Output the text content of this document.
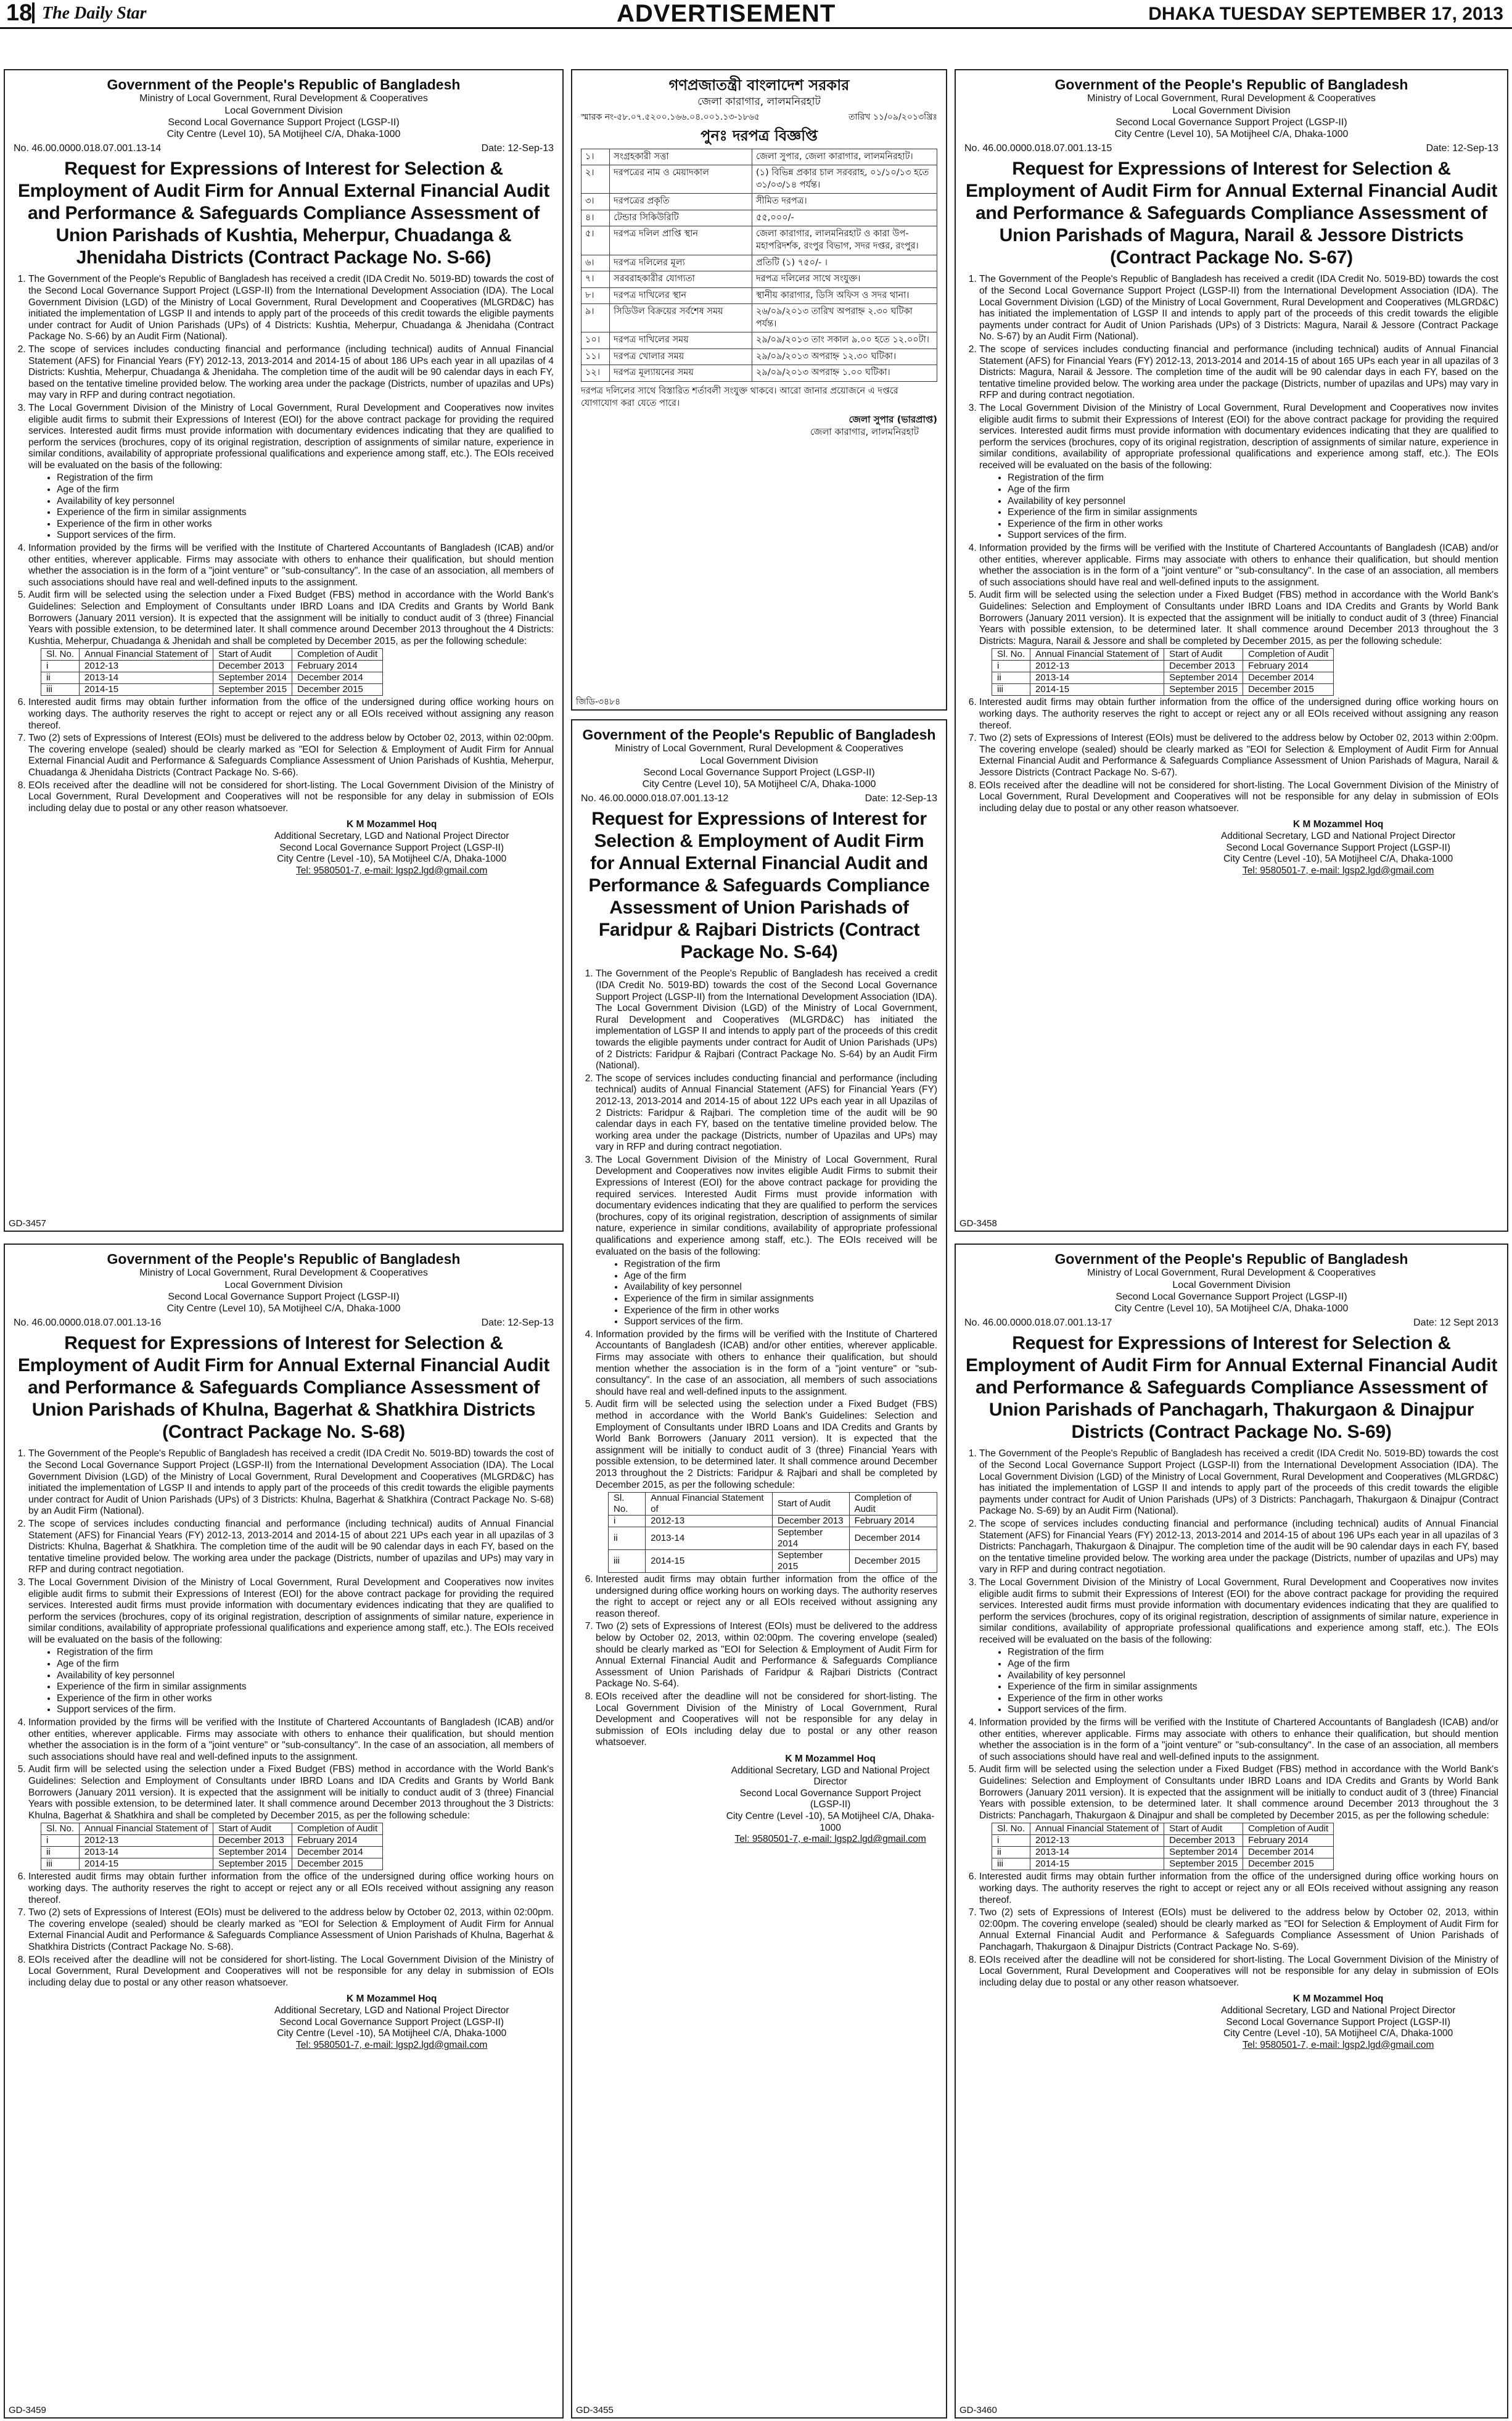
18 The Daily Star	ADVERTISEMENT	DHAKA TUESDAY SEPTEMBER 17, 2013
Government of the People's Republic of Bangladesh
Ministry of Local Government, Rural Development & Cooperatives
Local Government Division
Second Local Governance Support Project (LGSP-II)
City Centre (Level 10), 5A Motijheel C/A, Dhaka-1000
No. 46.00.0000.018.07.001.13-14	Date: 12-Sep-13
Request for Expressions of Interest for Selection & Employment of Audit Firm for Annual External Financial Audit and Performance & Safeguards Compliance Assessment of Union Parishads of Kushtia, Meherpur, Chuadanga & Jhenidaha Districts (Contract Package No. S-66)
1. The Government of the People's Republic of Bangladesh has received a credit (IDA Credit No. 5019-BD) towards the cost of the Second Local Governance Support Project (LGSP-II) from the International Development Association (IDA). The Local Government Division (LGD) of the Ministry of Local Government, Rural Development and Cooperatives (MLGRD&C) has initiated the implementation of LGSP II and intends to apply part of the proceeds of this credit towards the eligible payments under contract for Audit of Union Parishads (UPs) of 4 Districts: Kushtia, Meherpur, Chuadanga & Jhenidaha (Contract Package No. S-66) by an Audit Firm (National).
2. The scope of services includes conducting financial and performance (including technical) audits of Annual Financial Statement (AFS) for Financial Years (FY) 2012-13, 2013-2014 and 2014-15 of about 186 UPs each year in all upazilas of 4 Districts: Kushtia, Meherpur, Chuadanga & Jhenidaha. The completion time of the audit will be 90 calendar days in each FY, based on the tentative timeline provided below. The working area under the package (Districts, number of upazilas and UPs) may vary in RFP and during contract negotiation.
3. The Local Government Division of the Ministry of Local Government, Rural Development and Cooperatives now invites eligible audit firms to submit their Expressions of Interest (EOI) for the above contract package for providing the required services. Interested audit firms must provide information with documentary evidences indicating that they are qualified to perform the services (brochures, copy of its original registration, description of assignments of similar nature, experience in similar conditions, availability of appropriate professional qualifications and experience among staff, etc.). The EOIs received will be evaluated on the basis of the following:
• Registration of the firm
• Age of the firm
• Availability of key personnel
• Experience of the firm in similar assignments
• Experience of the firm in other works
• Support services of the firm.
4. Information provided by the firms will be verified with the Institute of Chartered Accountants of Bangladesh (ICAB) and/or other entities, wherever applicable. Firms may associate with others to enhance their qualification, but should mention whether the association is in the form of a "joint venture" or "sub-consultancy". In the case of an association, all members of such associations should have real and well-defined inputs to the assignment.
5. Audit firm will be selected using the selection under a Fixed Budget (FBS) method in accordance with the World Bank's Guidelines: Selection and Employment of Consultants under IBRD Loans and IDA Credits and Grants by World Bank Borrowers (January 2011 version). It is expected that the assignment will be initially to conduct audit of 3 (three) Financial Years with possible extension, to be determined later. It shall commence around December 2013 throughout the 4 Districts: Kushtia, Meherpur, Chuadanga & Jhenidah and shall be completed by December 2015, as per the following schedule:
Sl. No.	Annual Financial Statement of	Start of Audit	Completion of Audit
i	2012-13	December 2013	February 2014
ii	2013-14	September 2014	December 2014
iii	2014-15	September 2015	December 2015
6. Interested audit firms may obtain further information from the office of the undersigned during office working hours on working days. The authority reserves the right to accept or reject any or all EOIs received without assigning any reason thereof.
7. Two (2) sets of Expressions of Interest (EOIs) must be delivered to the address below by October 02, 2013, within 02:00pm. The covering envelope (sealed) should be clearly marked as "EOI for Selection & Employment of Audit Firm for Annual External Financial Audit and Performance & Safeguards Compliance Assessment of Union Parishads of Kushtia, Meherpur, Chuadanga & Jhenidaha Districts (Contract Package No. S-66).
8. EOIs received after the deadline will not be considered for short-listing. The Local Government Division of the Ministry of Local Government, Rural Development and Cooperatives will not be responsible for any delay in submission of EOIs including delay due to postal or any other reason whatsoever.
K M Mozammel Hoq
Additional Secretary, LGD and National Project Director
Second Local Governance Support Project (LGSP-II)
City Centre (Level -10), 5A Motijheel C/A, Dhaka-1000
Tel: 9580501-7, e-mail: lgsp2.lgd@gmail.com
GD-3457
Government of the People's Republic of Bangladesh
Ministry of Local Government, Rural Development & Cooperatives
Local Government Division
Second Local Governance Support Project (LGSP-II)
City Centre (Level 10), 5A Motijheel C/A, Dhaka-1000
No. 46.00.0000.018.07.001.13-15	Date: 12-Sep-13
Request for Expressions of Interest for Selection & Employment of Audit Firm for Annual External Financial Audit and Performance & Safeguards Compliance Assessment of Union Parishads of Magura, Narail & Jessore Districts (Contract Package No. S-67)
1. The Government of the People's Republic of Bangladesh has received a credit (IDA Credit No. 5019-BD) towards the cost of the Second Local Governance Support Project (LGSP-II) from the International Development Association (IDA). The Local Government Division (LGD) of the Ministry of Local Government, Rural Development and Cooperatives (MLGRD&C) has initiated the implementation of LGSP II and intends to apply part of the proceeds of this credit towards the eligible payments under contract for Audit of Union Parishads (UPs) of 3 Districts: Magura, Narail & Jessore (Contract Package No. S-67) by an Audit Firm (National).
2. The scope of services includes conducting financial and performance (including technical) audits of Annual Financial Statement (AFS) for Financial Years (FY) 2012-13, 2013-2014 and 2014-15 of about 165 UPs each year in all upazilas of 3 Districts: Magura, Narail & Jessore. The completion time of the audit will be 90 calendar days in each FY, based on the tentative timeline provided below. The working area under the package (Districts, number of upazilas and UPs) may vary in RFP and during contract negotiation.
3. The Local Government Division of the Ministry of Local Government, Rural Development and Cooperatives now invites eligible audit firms to submit their Expressions of Interest (EOI) for the above contract package for providing the required services. Interested audit firms must provide information with documentary evidences indicating that they are qualified to perform the services (brochures, copy of its original registration, description of assignments of similar nature, experience in similar conditions, availability of appropriate professional qualifications and experience among staff, etc.). The EOIs received will be evaluated on the basis of the following:
• Registration of the firm
• Age of the firm
• Availability of key personnel
• Experience of the firm in similar assignments
• Experience of the firm in other works
• Support services of the firm.
4. Information provided by the firms will be verified with the Institute of Chartered Accountants of Bangladesh (ICAB) and/or other entities, wherever applicable. Firms may associate with others to enhance their qualification, but should mention whether the association is in the form of a "joint venture" or "sub-consultancy". In the case of an association, all members of such associations should have real and well-defined inputs to the assignment.
5. Audit firm will be selected using the selection under a Fixed Budget (FBS) method in accordance with the World Bank's Guidelines: Selection and Employment of Consultants under IBRD Loans and IDA Credits and Grants by World Bank Borrowers (January 2011 version). It is expected that the assignment will be initially to conduct audit of 3 (three) Financial Years with possible extension, to be determined later. It shall commence around December 2013 throughout the 3 Districts: Magura, Narail & Jessore and shall be completed by December 2015, as per the following schedule:
Sl. No.	Annual Financial Statement of	Start of Audit	Completion of Audit
i	2012-13	December 2013	February 2014
ii	2013-14	September 2014	December 2014
iii	2014-15	September 2015	December 2015
6. Interested audit firms may obtain further information from the office of the undersigned during office working hours on working days. The authority reserves the right to accept or reject any or all EOIs received without assigning any reason thereof.
7. Two (2) sets of Expressions of Interest (EOIs) must be delivered to the address below by October 02, 2013 within 2:00pm. The covering envelope (sealed) should be clearly marked as "EOI for Selection & Employment of Audit Firm for Annual External Financial Audit and Performance & Safeguards Compliance Assessment of Union Parishads of Magura, Narail & Jessore Districts (Contract Package No. S-67).
8. EOIs received after the deadline will not be considered for short-listing. The Local Government Division of the Ministry of Local Government, Rural Development and Cooperatives will not be responsible for any delay in submission of EOIs including delay due to postal or any other reason whatsoever.
K M Mozammel Hoq
Additional Secretary, LGD and National Project Director
Second Local Governance Support Project (LGSP-II)
City Centre (Level -10), 5A Motijheel C/A, Dhaka-1000
Tel: 9580501-7, e-mail: lgsp2.lgd@gmail.com
GD-3458
Government of the People's Republic of Bangladesh
Ministry of Local Government, Rural Development & Cooperatives
Local Government Division
Second Local Governance Support Project (LGSP-II)
City Centre (Level 10), 5A Motijheel C/A, Dhaka-1000
No. 46.00.0000.018.07.001.13-16	Date: 12-Sep-13
Request for Expressions of Interest for Selection & Employment of Audit Firm for Annual External Financial Audit and Performance & Safeguards Compliance Assessment of Union Parishads of Khulna, Bagerhat & Shatkhira Districts (Contract Package No. S-68)
1. The Government of the People's Republic of Bangladesh has received a credit (IDA Credit No. 5019-BD) towards the cost of the Second Local Governance Support Project (LGSP-II) from the International Development Association (IDA). The Local Government Division (LGD) of the Ministry of Local Government, Rural Development and Cooperatives (MLGRD&C) has initiated the implementation of LGSP II and intends to apply part of the proceeds of this credit towards the eligible payments under contract for Audit of Union Parishads (UPs) of 3 Districts: Khulna, Bagerhat & Shatkhira (Contract Package No. S-68) by an Audit Firm (National).
2. The scope of services includes conducting financial and performance (including technical) audits of Annual Financial Statement (AFS) for Financial Years (FY) 2012-13, 2013-2014 and 2014-15 of about 221 UPs each year in all upazilas of 3 Districts: Khulna, Bagerhat & Shatkhira. The completion time of the audit will be 90 calendar days in each FY, based on the tentative timeline provided below. The working area under the package (Districts, number of upazilas and UPs) may vary in RFP and during contract negotiation.
3. The Local Government Division of the Ministry of Local Government, Rural Development and Cooperatives now invites eligible audit firms to submit their Expressions of Interest (EOI) for the above contract package for providing the required services. Interested audit firms must provide information with documentary evidences indicating that they are qualified to perform the services (brochures, copy of its original registration, description of assignments of similar nature, experience in similar conditions, availability of appropriate professional qualifications and experience among staff, etc.). The EOIs received will be evaluated on the basis of the following:
• Registration of the firm
• Age of the firm
• Availability of key personnel
• Experience of the firm in similar assignments
• Experience of the firm in other works
• Support services of the firm.
4. Information provided by the firms will be verified with the Institute of Chartered Accountants of Bangladesh (ICAB) and/or other entities, wherever applicable. Firms may associate with others to enhance their qualification, but should mention whether the association is in the form of a "joint venture" or "sub-consultancy". In the case of an association, all members of such associations should have real and well-defined inputs to the assignment.
5. Audit firm will be selected using the selection under a Fixed Budget (FBS) method in accordance with the World Bank's Guidelines: Selection and Employment of Consultants under IBRD Loans and IDA Credits and Grants by World Bank Borrowers (January 2011 version). It is expected that the assignment will be initially to conduct audit of 3 (three) Financial Years with possible extension, to be determined later. It shall commence around December 2013 throughout the 3 Districts: Khulna, Bagerhat & Shatkhira and shall be completed by December 2015, as per the following schedule:
Sl. No.	Annual Financial Statement of	Start of Audit	Completion of Audit
i	2012-13	December 2013	February 2014
ii	2013-14	September 2014	December 2014
iii	2014-15	September 2015	December 2015
6. Interested audit firms may obtain further information from the office of the undersigned during office working hours on working days. The authority reserves the right to accept or reject any or all EOIs received without assigning any reason thereof.
7. Two (2) sets of Expressions of Interest (EOIs) must be delivered to the address below by October 02, 2013, within 02:00pm. The covering envelope (sealed) should be clearly marked as "EOI for Selection & Employment of Audit Firm for Annual External Financial Audit and Performance & Safeguards Compliance Assessment of Union Parishads of Khulna, Bagerhat & Shatkhira Districts (Contract Package No. S-68).
8. EOIs received after the deadline will not be considered for short-listing. The Local Government Division of the Ministry of Local Government, Rural Development and Cooperatives will not be responsible for any delay in submission of EOIs including delay due to postal or any other reason whatsoever.
K M Mozammel Hoq
Additional Secretary, LGD and National Project Director
Second Local Governance Support Project (LGSP-II)
City Centre (Level -10), 5A Motijheel C/A, Dhaka-1000
Tel: 9580501-7, e-mail: lgsp2.lgd@gmail.com
GD-3459
Government of the People's Republic of Bangladesh
Ministry of Local Government, Rural Development & Cooperatives
Local Government Division
Second Local Governance Support Project (LGSP-II)
City Centre (Level 10), 5A Motijheel C/A, Dhaka-1000
No. 46.00.0000.018.07.001.13-12	Date: 12-Sep-13
Request for Expressions of Interest for Selection & Employment of Audit Firm for Annual External Financial Audit and Performance & Safeguards Compliance Assessment of Union Parishads of Faridpur & Rajbari Districts (Contract Package No. S-64)
1. The Government of the People's Republic of Bangladesh has received a credit (IDA Credit No. 5019-BD) towards the cost of the Second Local Governance Support Project (LGSP-II) from the International Development Association (IDA). The Local Government Division (LGD) of the Ministry of Local Government, Rural Development and Cooperatives (MLGRD&C) has initiated the implementation of LGSP II and intends to apply part of the proceeds of this credit towards the eligible payments under contract for Audit of Union Parishads (UPs) of 2 Districts: Faridpur & Rajbari (Contract Package No. S-64) by an Audit Firm (National).
2. The scope of services includes conducting financial and performance (including technical) audits of Annual Financial Statement (AFS) for Financial Years (FY) 2012-13, 2013-2014 and 2014-15 of about 122 UPs each year in all Upazilas of 2 Districts: Faridpur & Rajbari. The completion time of the audit will be 90 calendar days in each FY, based on the tentative timeline provided below. The working area under the package (Districts, number of Upazilas and UPs) may vary in RFP and during contract negotiation.
3. The Local Government Division of the Ministry of Local Government, Rural Development and Cooperatives now invites eligible Audit Firms to submit their Expressions of Interest (EOI) for the above contract package for providing the required services. Interested Audit Firms must provide information with documentary evidences indicating that they are qualified to perform the services (brochures, copy of its original registration, description of assignments of similar nature, experience in similar conditions, availability of appropriate professional qualifications and experience among staff, etc.). The EOIs received will be evaluated on the basis of the following:
• Registration of the firm
• Age of the firm
• Availability of key personnel
• Experience of the firm in similar assignments
• Experience of the firm in other works
• Support services of the firm.
4. Information provided by the firms will be verified with the Institute of Chartered Accountants of Bangladesh (ICAB) and/or other entities, wherever applicable. Firms may associate with others to enhance their qualification, but should mention whether the association is in the form of a "joint venture" or "sub-consultancy". In the case of an association, all members of such associations should have real and well-defined inputs to the assignment.
5. Audit firm will be selected using the selection under a Fixed Budget (FBS) method in accordance with the World Bank's Guidelines: Selection and Employment of Consultants under IBRD Loans and IDA Credits and Grants by World Bank Borrowers (January 2011 version). It is expected that the assignment will be initially to conduct audit of 3 (three) Financial Years with possible extension, to be determined later. It shall commence around December 2013 throughout the 2 Districts: Faridpur & Rajbari and shall be completed by December 2015, as per the following schedule:
Sl. No.	Annual Financial Statement of	Start of Audit	Completion of Audit
i	2012-13	December 2013	February 2014
ii	2013-14	September 2014	December 2014
iii	2014-15	September 2015	December 2015
6. Interested audit firms may obtain further information from the office of the undersigned during office working hours on working days. The authority reserves the right to accept or reject any or all EOIs received without assigning any reason thereof.
7. Two (2) sets of Expressions of Interest (EOIs) must be delivered to the address below by October 02, 2013, within 02:00pm. The covering envelope (sealed) should be clearly marked as "EOI for Selection & Employment of Audit Firm for Annual External Financial Audit and Performance & Safeguards Compliance Assessment of Union Parishads of Faridpur & Rajbari Districts (Contract Package No. S-64).
8. EOIs received after the deadline will not be considered for short-listing. The Local Government Division of the Ministry of Local Government, Rural Development and Cooperatives will not be responsible for any delay in submission of EOIs including delay due to postal or any other reason whatsoever.
K M Mozammel Hoq
Additional Secretary, LGD and National Project Director
Second Local Governance Support Project (LGSP-II)
City Centre (Level -10), 5A Motijheel C/A, Dhaka-1000
Tel: 9580501-7, e-mail: lgsp2.lgd@gmail.com
GD-3455
Government of the People's Republic of Bangladesh
Ministry of Local Government, Rural Development & Cooperatives
Local Government Division
Second Local Governance Support Project (LGSP-II)
City Centre (Level 10), 5A Motijheel C/A, Dhaka-1000
No. 46.00.0000.018.07.001.13-17	Date: 12 Sept 2013
Request for Expressions of Interest for Selection & Employment of Audit Firm for Annual External Financial Audit and Performance & Safeguards Compliance Assessment of Union Parishads of Panchagarh, Thakurgaon & Dinajpur Districts (Contract Package No. S-69)
1. The Government of the People's Republic of Bangladesh has received a credit (IDA Credit No. 5019-BD) towards the cost of the Second Local Governance Support Project (LGSP-II) from the International Development Association (IDA). The Local Government Division (LGD) of the Ministry of Local Government, Rural Development and Cooperatives (MLGRD&C) has initiated the implementation of LGSP II and intends to apply part of the proceeds of this credit towards the eligible payments under contract for Audit of Union Parishads (UPs) of 3 Districts: Panchagarh, Thakurgaon & Dinajpur (Contract Package No. S-69) by an Audit Firm (National).
2. The scope of services includes conducting financial and performance (including technical) audits of Annual Financial Statement (AFS) for Financial Years (FY) 2012-13, 2013-2014 and 2014-15 of about 196 UPs each year in all upazilas of 3 Districts: Panchagarh, Thakurgaon & Dinajpur. The completion time of the audit will be 90 calendar days in each FY, based on the tentative timeline provided below. The working area under the package (Districts, number of upazilas and UPs) may vary in RFP and during contract negotiation.
3. The Local Government Division of the Ministry of Local Government, Rural Development and Cooperatives now invites eligible audit firms to submit their Expressions of Interest (EOI) for the above contract package for providing the required services. Interested audit firms must provide information with documentary evidences indicating that they are qualified to perform the services (brochures, copy of its original registration, description of assignments of similar nature, experience in similar conditions, availability of appropriate professional qualifications and experience among staff, etc.). The EOIs received will be evaluated on the basis of the following:
• Registration of the firm
• Age of the firm
• Availability of key personnel
• Experience of the firm in similar assignments
• Experience of the firm in other works
• Support services of the firm.
4. Information provided by the firms will be verified with the Institute of Chartered Accountants of Bangladesh (ICAB) and/or other entities, wherever applicable. Firms may associate with others to enhance their qualification, but should mention whether the association is in the form of a "joint venture" or "sub-consultancy". In the case of an association, all members of such associations should have real and well-defined inputs to the assignment.
5. Audit firm will be selected using the selection under a Fixed Budget (FBS) method in accordance with the World Bank's Guidelines: Selection and Employment of Consultants under IBRD Loans and IDA Credits and Grants by World Bank Borrowers (January 2011 version). It is expected that the assignment will be initially to conduct audit of 3 (three) Financial Years with possible extension, to be determined later. It shall commence around December 2013 throughout the 3 Districts: Panchagarh, Thakurgaon & Dinajpur and shall be completed by December 2015, as per the following schedule:
Sl. No.	Annual Financial Statement of	Start of Audit	Completion of Audit
i	2012-13	December 2013	February 2014
ii	2013-14	September 2014	December 2014
iii	2014-15	September 2015	December 2015
6. Interested audit firms may obtain further information from the office of the undersigned during office working hours on working days. The authority reserves the right to accept or reject any or all EOIs received without assigning any reason thereof.
7. Two (2) sets of Expressions of Interest (EOIs) must be delivered to the address below by October 02, 2013, within 02:00pm. The covering envelope (sealed) should be clearly marked as "EOI for Selection & Employment of Audit Firm for Annual External Financial Audit and Performance & Safeguards Compliance Assessment of Union Parishads of Panchagarh, Thakurgaon & Dinajpur Districts (Contract Package No. S-69).
8. EOIs received after the deadline will not be considered for short-listing. The Local Government Division of the Ministry of Local Government, Rural Development and Cooperatives will not be responsible for any delay in submission of EOIs including delay due to postal or any other reason whatsoever.
K M Mozammel Hoq
Additional Secretary, LGD and National Project Director
Second Local Governance Support Project (LGSP-II)
City Centre (Level -10), 5A Motijheel C/A, Dhaka-1000
Tel: 9580501-7, e-mail: lgsp2.lgd@gmail.com
GD-3460
গণপ্রজাতন্ত্রী বাংলাদেশ সরকার
জেলা কারাগার, লালমনিরহাট
স্মারক নং-৫৮.০৭.৫২০০.১৬৬.০৪.০০১.১৩-১৮৬৫	তারিখ ১১/০৯/২০১৩খ্রিঃ
পুনঃ দরপত্র বিজ্ঞপ্তি
১।	সংগ্রহকারী সত্তা	জেলা সুপার, জেলা কারাগার, লালমনিরহাট।
২।	দরপত্রের নাম ও মেয়াদকাল	(১) বিভিন্ন প্রকার চাল সরবরাহ, ০১/১০/১৩ হতে ৩১/০৩/১৪ পর্যন্ত।
৩।	দরপত্রের প্রকৃতি	সীমিত দরপত্র।
৪।	টেন্ডার সিকিউরিটি	৫৫,০০০/-
৫।	দরপত্র দলিল প্রাপ্তি স্থান	জেলা কারাগার, লালমনিরহাট ও কারা উপ-মহাপরিদর্শক, রংপুর বিভাগ, সদর দপ্তর, রংপুর।
৬।	দরপত্র দলিলের মূল্য	প্রতিটি (১) ৭৫০/- ।
৭।	সরবরাহকারীর যোগ্যতা	দরপত্র দলিলের সাথে সংযুক্ত।
৮।	দরপত্র দাখিলের স্থান	স্থানীয় কারাগার, ডিসি অফিস ও সদর থানা।
৯।	সিডিউল বিক্রয়ের সর্বশেষ সময়	২৬/০৯/২০১৩ তারিখ অপরাহ্ন ২.৩০ ঘটিকা পর্যন্ত।
১০।	দরপত্র দাখিলের সময়	২৯/০৯/২০১৩ তাং সকাল ৯.০০ হতে ১২.০০টা।
১১।	দরপত্র খোলার সময়	২৯/০৯/২০১৩ অপরাহ্ন ১২.৩০ ঘটিকা।
১২।	দরপত্র মূল্যায়নের সময়	২৯/০৯/২০১৩ অপরাহ্ন ১.০০ ঘটিকা।
দরপত্র দলিলের সাথে বিস্তারিত শর্তাবলী সংযুক্ত থাকবে। আরো জানার প্রয়োজনে এ দপ্তরে যোগাযোগ করা যেতে পারে।
জেলা সুপার (ভারপ্রাপ্ত)
জেলা কারাগার, লালমনিরহাট
জিডি-৩৪৮৪
